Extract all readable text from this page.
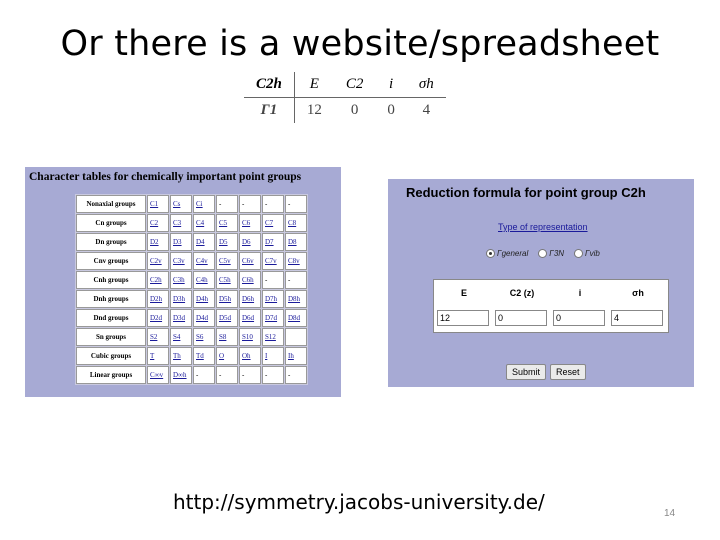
Or there is a website/spreadsheet
C2h	E	C2	i	σh
Γ1	12	0	0	4
Character tables for chemically important point groups
Nonaxial groups	C1	Cs	Ci	-	-	-	-
Cn groups	C2	C3	C4	C5	C6	C7	C8
Dn groups	D2	D3	D4	D5	D6	D7	D8
Cnv groups	C2v	C3v	C4v	C5v	C6v	C7v	C8v
Cnh groups	C2h	C3h	C4h	C5h	C6h	-	-
Dnh groups	D2h	D3h	D4h	D5h	D6h	D7h	D8h
Dnd groups	D2d	D3d	D4d	D5d	D6d	D7d	D8d
Sn groups	S2	S4	S6	S8	S10	S12	
Cubic groups	T	Th	Td	O	Oh	I	Ih
Linear groups	C∞v	D∞h	-	-	-	-	-
Reduction formula for point group C2h
Type of representation
Γgeneral	Γ3N	Γvib
E	C2 (z)	i	σh
12	0	0	4
Submit	Reset
http://symmetry.jacobs-university.de/	14
